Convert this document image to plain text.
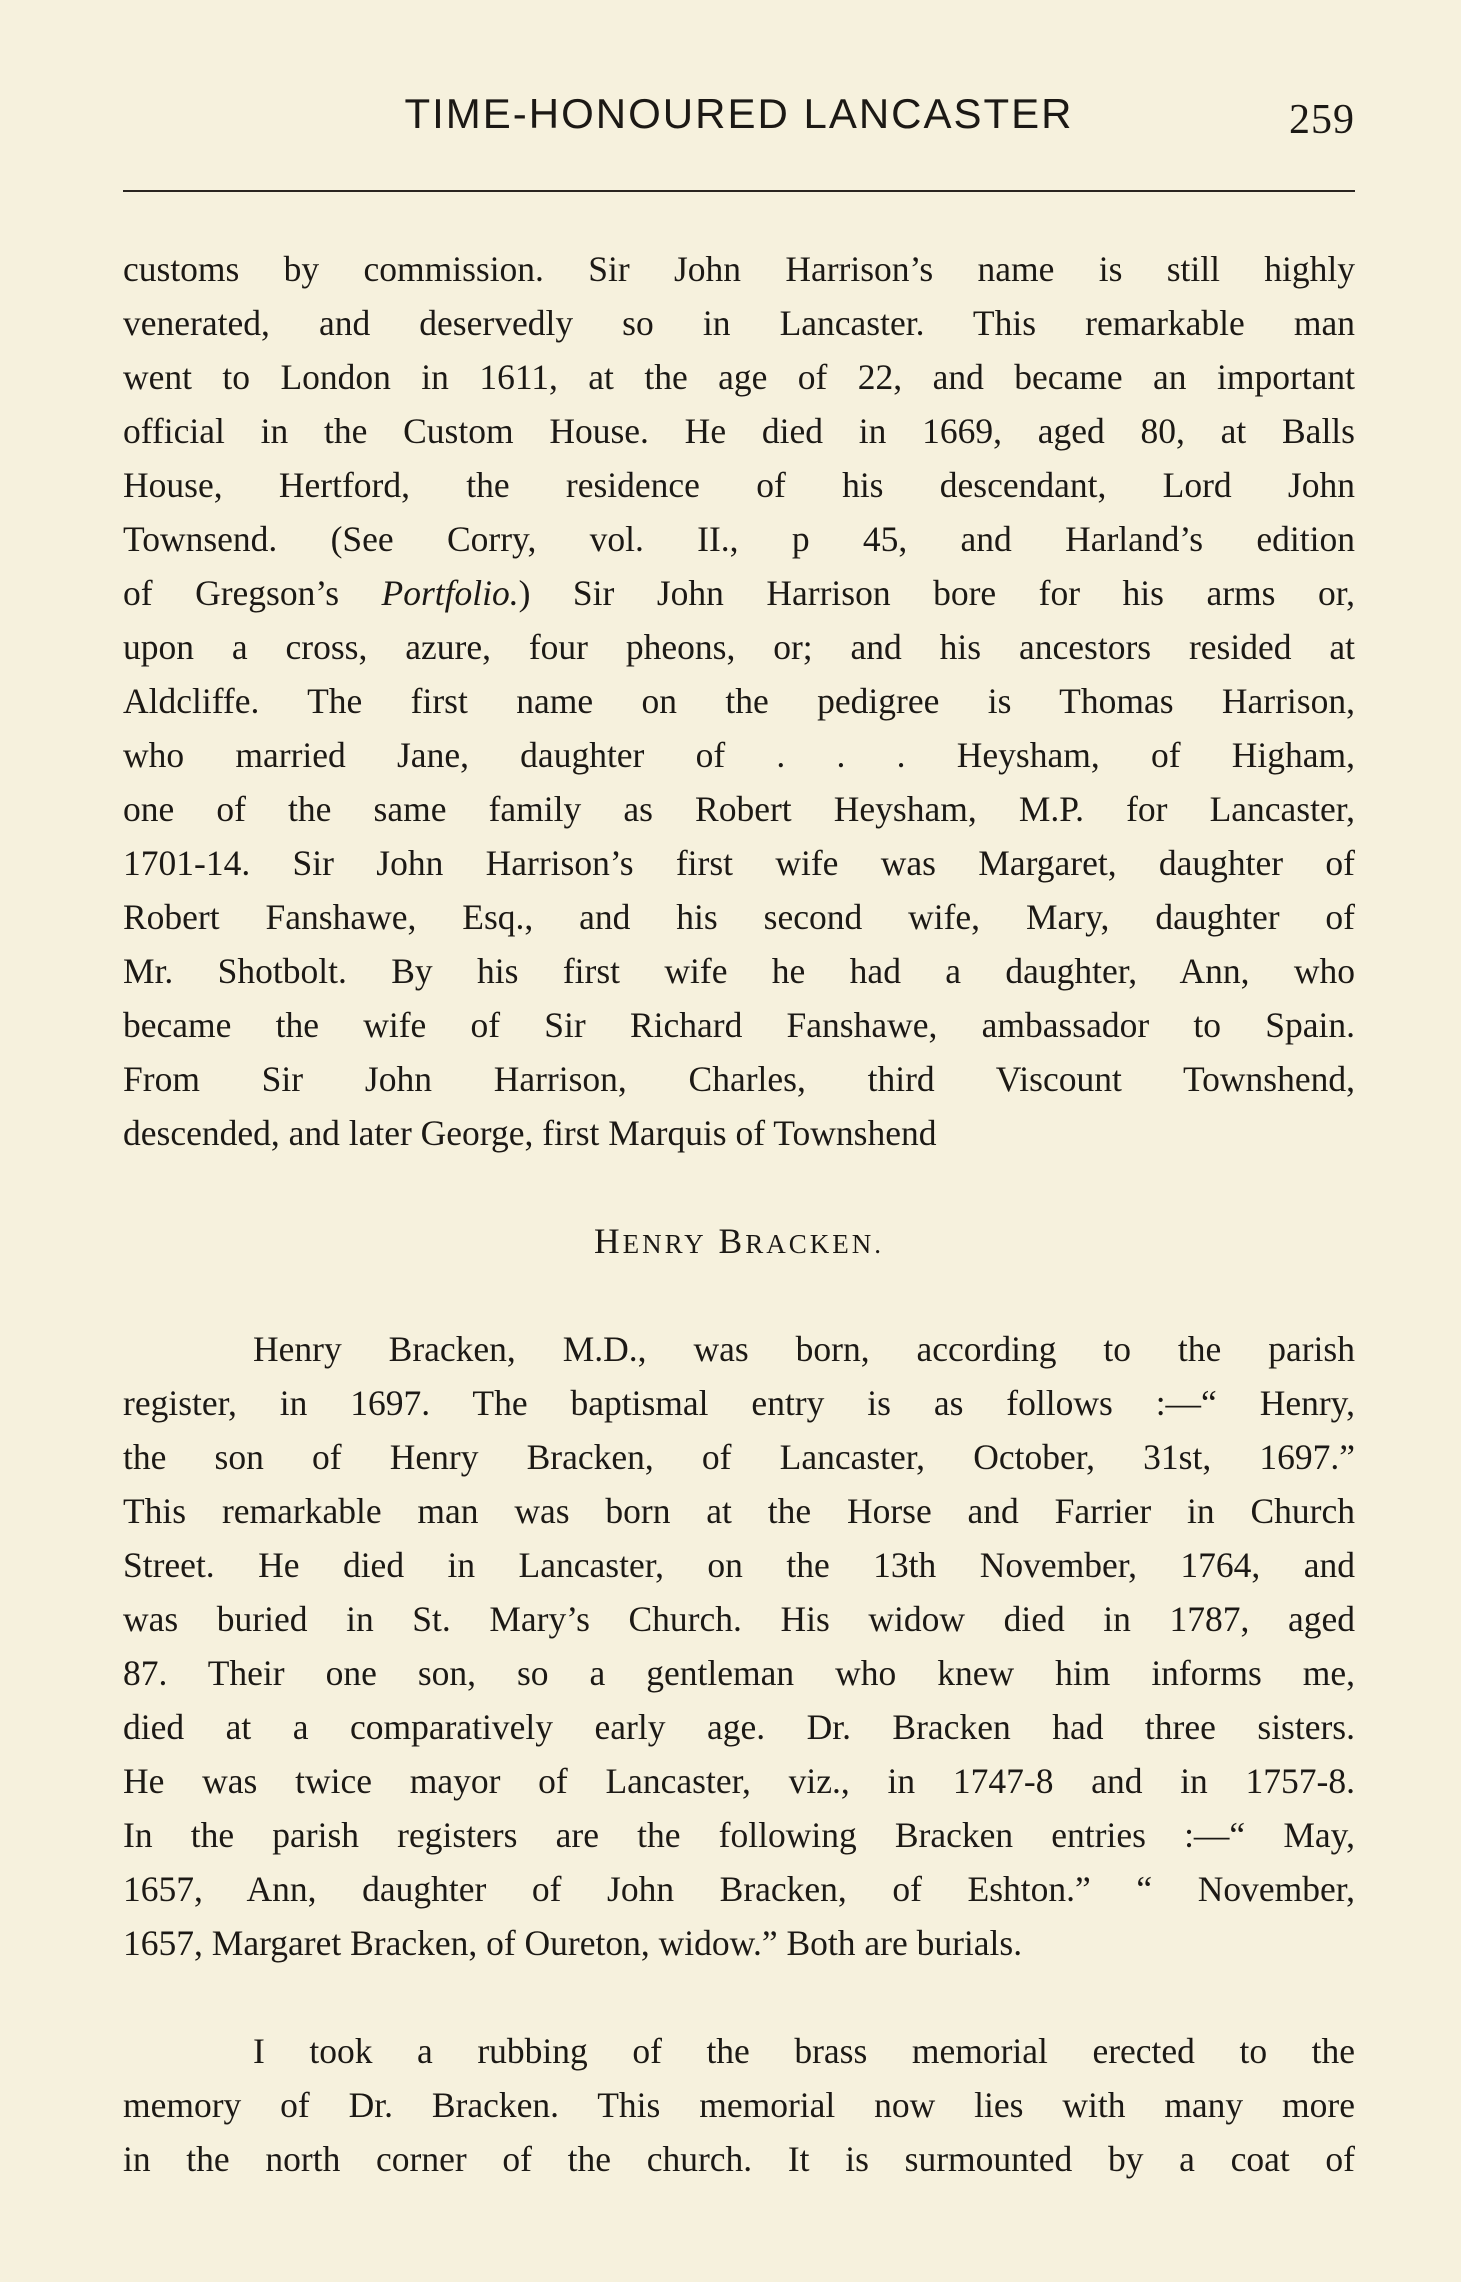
TIME-HONOURED LANCASTER	259
customs by commission. Sir John Harrison’s name is still highly
venerated, and deservedly so in Lancaster. This remarkable man
went to London in 1611, at the age of 22, and became an important
official in the Custom House. He died in 1669, aged 80, at Balls
House, Hertford, the residence of his descendant, Lord John
Townsend. (See Corry, vol. II., p 45, and Harland’s edition
of Gregson’s Portfolio.) Sir John Harrison bore for his arms or,
upon a cross, azure, four pheons, or; and his ancestors resided at
Aldcliffe. The first name on the pedigree is Thomas Harrison,
who married Jane, daughter of . . . Heysham, of Higham,
one of the same family as Robert Heysham, M.P. for Lancaster,
1701-14. Sir John Harrison’s first wife was Margaret, daughter of
Robert Fanshawe, Esq., and his second wife, Mary, daughter of
Mr. Shotbolt. By his first wife he had a daughter, Ann, who
became the wife of Sir Richard Fanshawe, ambassador to Spain.
From Sir John Harrison, Charles, third Viscount Townshend,
descended, and later George, first Marquis of Townshend
HENRY BRACKEN.
Henry Bracken, M.D., was born, according to the parish
register, in 1697. The baptismal entry is as follows :—“ Henry,
the son of Henry Bracken, of Lancaster, October, 31st, 1697.”
This remarkable man was born at the Horse and Farrier in Church
Street. He died in Lancaster, on the 13th November, 1764, and
was buried in St. Mary’s Church. His widow died in 1787, aged
87. Their one son, so a gentleman who knew him informs me,
died at a comparatively early age. Dr. Bracken had three sisters.
He was twice mayor of Lancaster, viz., in 1747-8 and in 1757-8.
In the parish registers are the following Bracken entries :—“ May,
1657, Ann, daughter of John Bracken, of Eshton.” “ November,
1657, Margaret Bracken, of Oureton, widow.” Both are burials.
I took a rubbing of the brass memorial erected to the
memory of Dr. Bracken. This memorial now lies with many more
in the north corner of the church. It is surmounted by a coat of
